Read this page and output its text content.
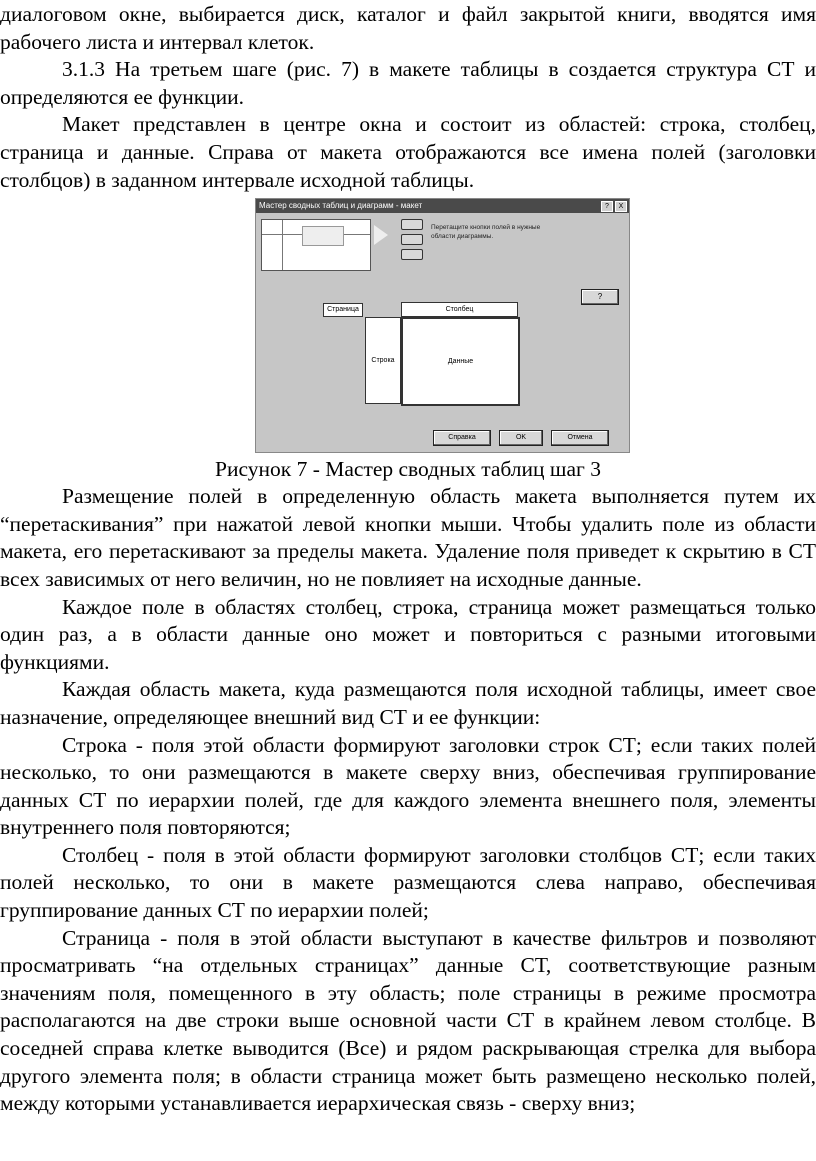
диалоговом окне, выбирается диск, каталог и файл закрытой книги, вводятся имя рабочего листа и интервал клеток.

3.1.3 На третьем шаге (рис. 7) в макете таблицы в создается структура СТ и определяются ее функции.

Макет представлен в центре окна и состоит из областей: строка, столбец, страница и данные. Справа от макета отображаются все имена полей (заголовки столбцов) в заданном интервале исходной таблицы.

Мастер сводных таблиц и диаграмм - макет	?	X
Перетащите кнопки полей в нужные области диаграммы.
?
Страница	Столбец
Строка	Данные
Справка	OK	Отмена

Рисунок 7 - Мастер сводных таблиц шаг 3

Размещение полей в определенную область макета выполняется путем их “перетаскивания” при нажатой левой кнопки мыши. Чтобы удалить поле из области макета, его перетаскивают за пределы макета. Удаление поля приведет к скрытию в СТ всех зависимых от него величин, но не повлияет на исходные данные.

Каждое поле в областях столбец, строка, страница может размещаться только один раз, а в области данные оно может и повториться с разными итоговыми функциями.

Каждая область макета, куда размещаются поля исходной таблицы, имеет свое назначение, определяющее внешний вид СТ и ее функции:

Строка - поля этой области формируют заголовки строк СТ; если таких полей несколько, то они размещаются в макете сверху вниз, обеспечивая группирование данных СТ по иерархии полей, где для каждого элемента внешнего поля, элементы внутреннего поля повторяются;

Столбец - поля в этой области формируют заголовки столбцов СТ; если таких полей несколько, то они в макете размещаются слева направо, обеспечивая группирование данных СТ по иерархии полей;

Страница - поля в этой области выступают в качестве фильтров и позволяют просматривать “на отдельных страницах” данные СТ, соответствующие разным значениям поля, помещенного в эту область; поле страницы в режиме просмотра располагаются на две строки выше основной части СТ в крайнем левом столбце. В соседней справа клетке выводится (Все) и рядом раскрывающая стрелка для выбора другого элемента поля; в области страница может быть размещено несколько полей, между которыми устанавливается иерархическая связь - сверху вниз;
